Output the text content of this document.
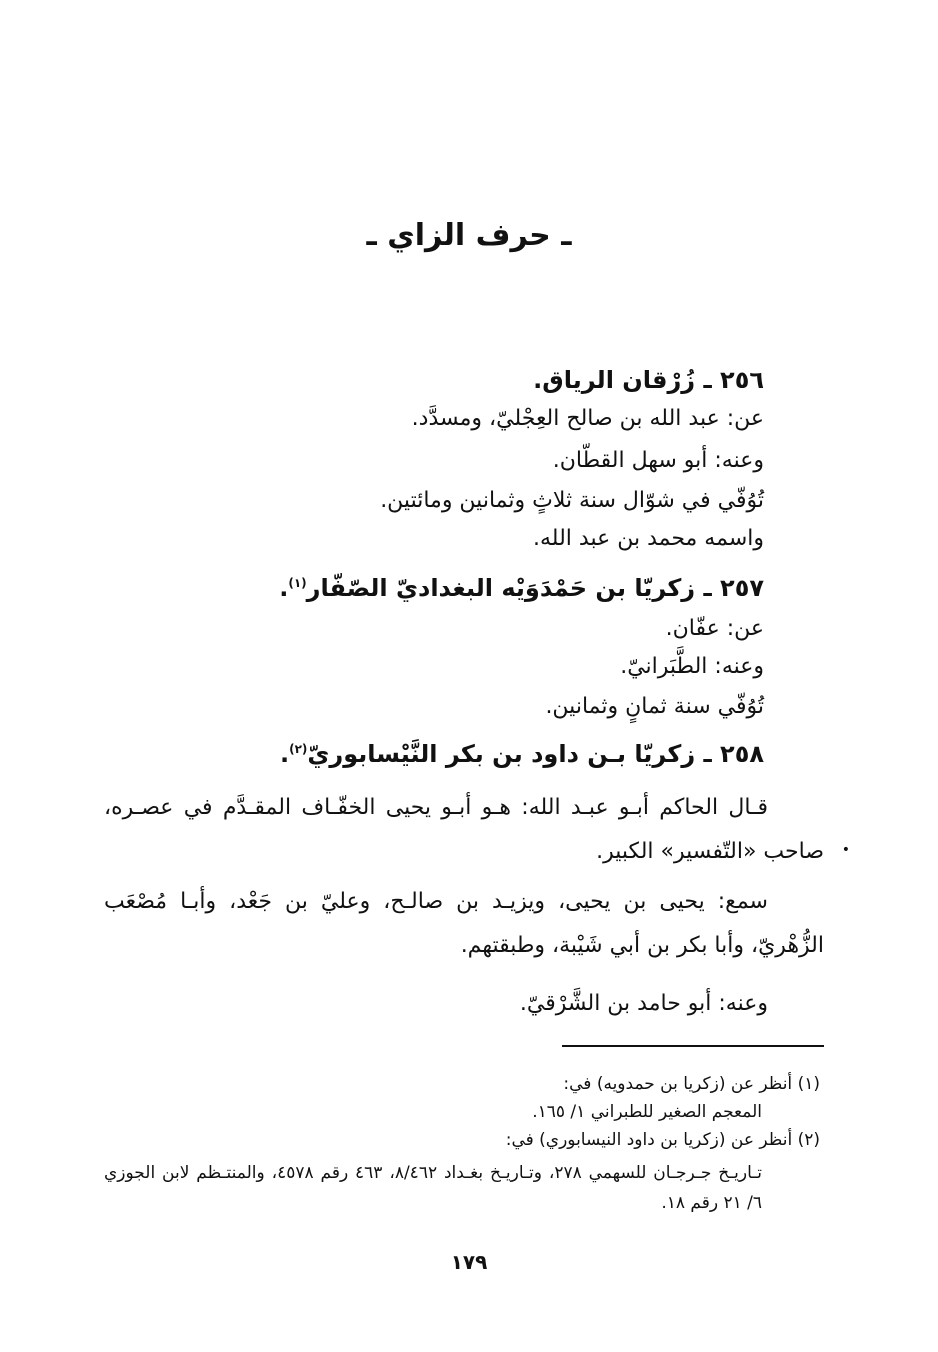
ـ حرف الزاي ـ
٢٥٦ ـ زُرْقان الرياق.
عن: عبد الله بن صالح العِجْليّ، ومسدَّد.
وعنه: أبو سهل القطّان.
تُوُفّي في شوّال سنة ثلاثٍ وثمانين ومائتين.
واسمه محمد بن عبد الله.
٢٥٧ ـ زكريّا بن حَمْدَوَيْه البغداديّ الصّفّار$^{(١)}$.
عن: عفّان.
وعنه: الطَّبَرانيّ.
تُوُفّي سنة ثمانٍ وثمانين.
٢٥٨ ـ زكريّا بـن داود بن بكر النَّيْسابوريّ$^{(٢)}$.
قـال الحاكم أبـو عبـد الله: هـو أبـو يحيى الخفّـاف المقـدَّم في عصـره، صاحب «التّفسير» الكبير. •
سمع: يحيى بن يحيى، ويزيـد بن صالـح، وعليّ بن جَعْد، وأبـا مُصْعَب الزُّهْريّ، وأبا بكر بن أبي شَيْبة، وطبقتهم.
وعنه: أبو حامد بن الشَّرْقيّ.
(١) أنظر عن (زكريا بن حمدويه) في:
المعجم الصغير للطبراني ١/ ١٦٥.
(٢) أنظر عن (زكريا بن داود النيسابوري) في:
تـاريـخ جـرجـان للسهمي ٢٧٨، وتـاريـخ بغـداد ٨/٤٦٢، ٤٦٣ رقم ٤٥٧٨، والمنتـظم لابن الجوزي ٦/ ٢١ رقم ١٨.
١٧٩
